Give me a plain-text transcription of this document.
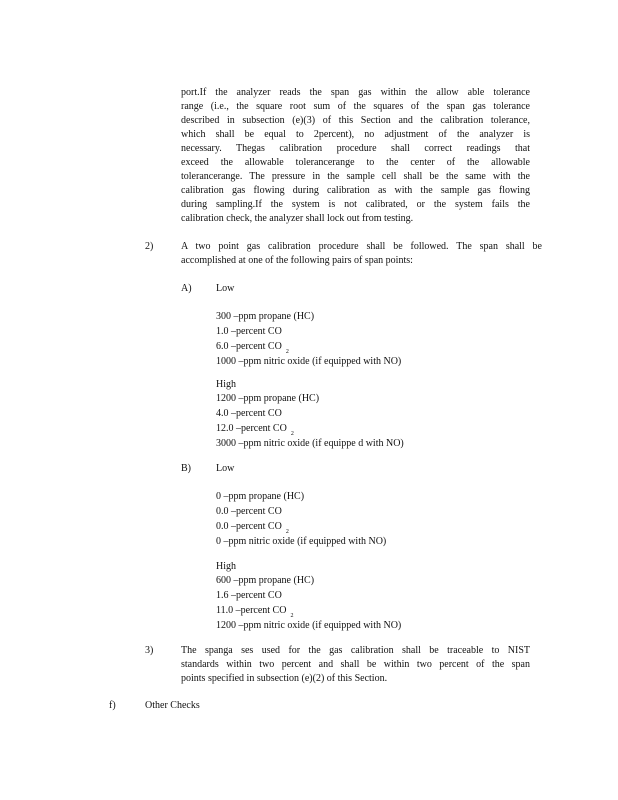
port.If the analyzer reads the span gas within the allow able tolerance
range (i.e., the square root sum of the squares of the span gas tolerance
described in subsection (e)(3) of this Section and the calibration tolerance,
which shall be equal to 2percent), no adjustment of the analyzer is
necessary. Thegas calibration procedure shall correct readings that
exceed the allowable tolerancerange to the center of the allowable
tolerancerange. The pressure in the sample cell shall be the same with the
calibration gas flowing during calibration as with the sample gas flowing
during sampling.If the system is not calibrated, or the system fails the
calibration check, the analyzer shall lock out from testing.
2)	A two point gas calibration procedure shall be followed. The span shall be
accomplished at one of the following pairs of span points:
A) Low
300 –ppm propane (HC)
1.0 –percent CO
6.0 –percent CO $_2$
1000 –ppm nitric oxide (if equipped with NO)
High
1200 –ppm propane (HC)
4.0 –percent CO
12.0 –percent CO $_2$
3000 –ppm nitric oxide (if equippe d with NO)
B)	Low
0 –ppm propane (HC)
0.0 –percent CO
0.0 –percent CO $_2$
0 –ppm nitric oxide (if equipped with NO)
High
600 –ppm propane (HC)
1.6 –percent CO
11.0 –percent CO $_2$
1200 –ppm nitric oxide (if equipped with NO)
3)	The spanga ses used for the gas calibration shall be traceable to NIST
standards within two percent and shall be within two percent of the span
points specified in subsection (e)(2) of this Section.
f)	Other Checks
